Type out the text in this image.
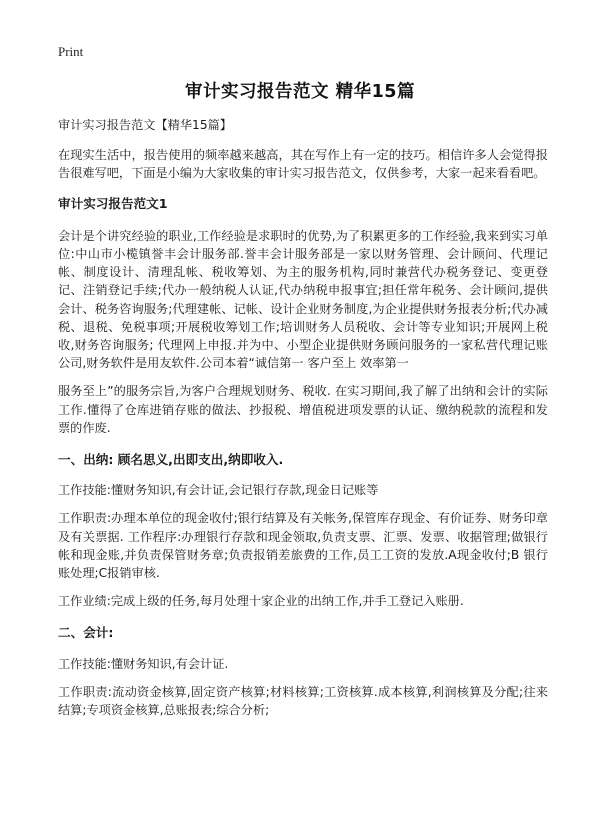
Print
审计实习报告范文 精华15篇

审计实习报告范文【精华15篇】

在现实生活中，报告使用的频率越来越高，其在写作上有一定的技巧。相信许多人会觉得报告很难写吧，下面是小编为大家收集的审计实习报告范文，仅供参考，大家一起来看看吧。

审计实习报告范文1

会计是个讲究经验的职业,工作经验是求职时的优势,为了积累更多的工作经验,我来到实习单位:中山市小榄镇誉丰会计服务部.誉丰会计服务部是一家以财务管理、会计顾问、代理记帐、制度设计、清理乱帐、税收筹划、为主的服务机构,同时兼营代办税务登记、变更登记、注销登记手续;代办一般纳税人认证,代办纳税申报事宜;担任常年税务、会计顾问,提供会计、税务咨询服务;代理建帐、记帐、设计企业财务制度,为企业提供财务报表分析;代办减税、退税、免税事项;开展税收筹划工作;培训财务人员税收、会计等专业知识;开展网上税收,财务咨询服务; 代理网上申报.并为中、小型企业提供财务顾问服务的一家私营代理记账公司,财务软件是用友软件.公司本着“诚信第一 客户至上 效率第一

服务至上”的服务宗旨,为客户合理规划财务、税收. 在实习期间,我了解了出纳和会计的实际工作.懂得了仓库进销存账的做法、抄报税、增值税进项发票的认证、缴纳税款的流程和发票的作废.

一、出纳: 顾名思义,出即支出,纳即收入.

工作技能:懂财务知识,有会计证,会记银行存款,现金日记账等

工作职责:办理本单位的现金收付;银行结算及有关帐务,保管库存现金、有价证券、财务印章及有关票据. 工作程序:办理银行存款和现金领取,负责支票、汇票、发票、收据管理;做银行帐和现金账,并负责保管财务章;负责报销差旅费的工作,员工工资的发放.A现金收付;B 银行账处理;C报销审核.

工作业绩:完成上级的任务,每月处理十家企业的出纳工作,并手工登记入账册.

二、会计:

工作技能:懂财务知识,有会计证.

工作职责:流动资金核算,固定资产核算;材料核算;工资核算.成本核算,利润核算及分配;往来结算;专项资金核算,总账报表;综合分析;
